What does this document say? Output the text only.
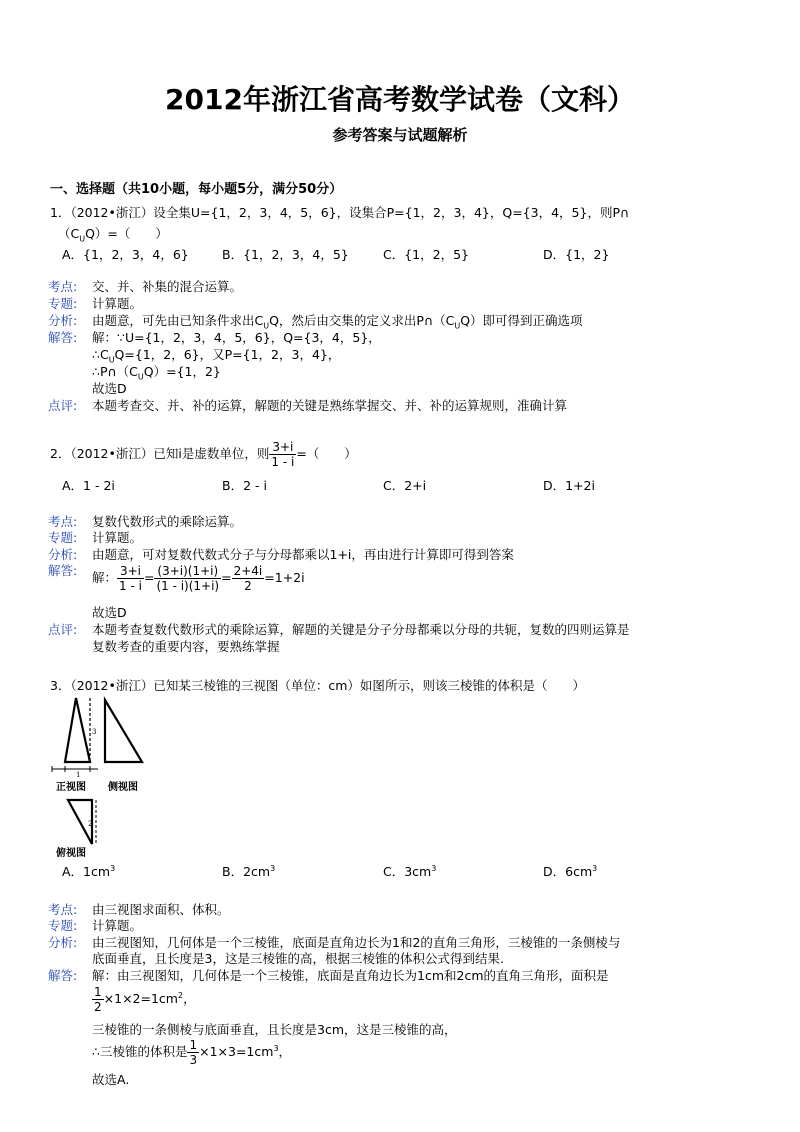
2012年浙江省高考数学试卷（文科）
参考答案与试题解析
一、选择题（共10小题，每小题5分，满分50分）
1．（2012•浙江）设全集U={1，2，3，4，5，6}，设集合P={1，2，3，4}，Q={3，4，5}，则P∩
$(C_UQ)=$（　　）
A．{1，2，3，4，6}	B．{1，2，3，4，5}	C．{1，2，5}	D．{1，2}
考点: 交、并、补集的混合运算。
专题: 计算题。
分析: 由题意，可先由已知条件求出$C_UQ$，然后由交集的定义求出$P\cap(C_UQ)$即可得到正确选项
解答: 解：∵U={1，2，3，4，5，6}，Q={3，4，5}，
$\therefore C_UQ=\{1$，2，6}，又P={1，2，3，4}，
$\therefore P\cap(C_UQ)=\{1$，2}
故选D
点评: 本题考查交、并、补的运算，解题的关键是熟练掌握交、并、补的运算规则，准确计算
2．（2012•浙江）已知i是虚数单位，则 $\frac{3+i}{1 - i}$ =（　　）
A．1 - 2i	B．2 - i	C．2+i	D．1+2i
考点: 复数代数形式的乘除运算。
专题: 计算题。
分析: 由题意，可对复数代数式分子与分母都乘以1+i，再由进行计算即可得到答案
解答: 解： $\frac{3+i}{1 - i} = \frac{(3+i)(1+i)}{(1 - i)(1+i)} = \frac{2+4i}{2} =1+2i$
故选D
点评: 本题考查复数代数形式的乘除运算，解题的关键是分子分母都乘以分母的共轭，复数的四则运算是
复数考查的重要内容，要熟练掌握
3．（2012•浙江）已知某三棱锥的三视图（单位：cm）如图所示，则该三棱锥的体积是（　　）
1
3
正视图 侧视图
2
俯视图
A．$1cm^3$	B．$2cm^3$	C．$3cm^3$	D．$6cm^3$
考点: 由三视图求面积、体积。
专题: 计算题。
分析: 由三视图知，几何体是一个三棱锥，底面是直角边长为1和2的直角三角形，三棱锥的一条侧棱与
底面垂直，且长度是3，这是三棱锥的高，根据三棱锥的体积公式得到结果.
解答: 解：由三视图知，几何体是一个三棱锥，底面是直角边长为1cm和2cm的直角三角形，面积是
$\frac{1}{2} \times 1\times 2=1cm^2$，
三棱锥的一条侧棱与底面垂直，且长度是3cm，这是三棱锥的高，
∴三棱锥的体积是 $\frac{1}{3} \times 1\times 3=1cm^3$，
故选A.
